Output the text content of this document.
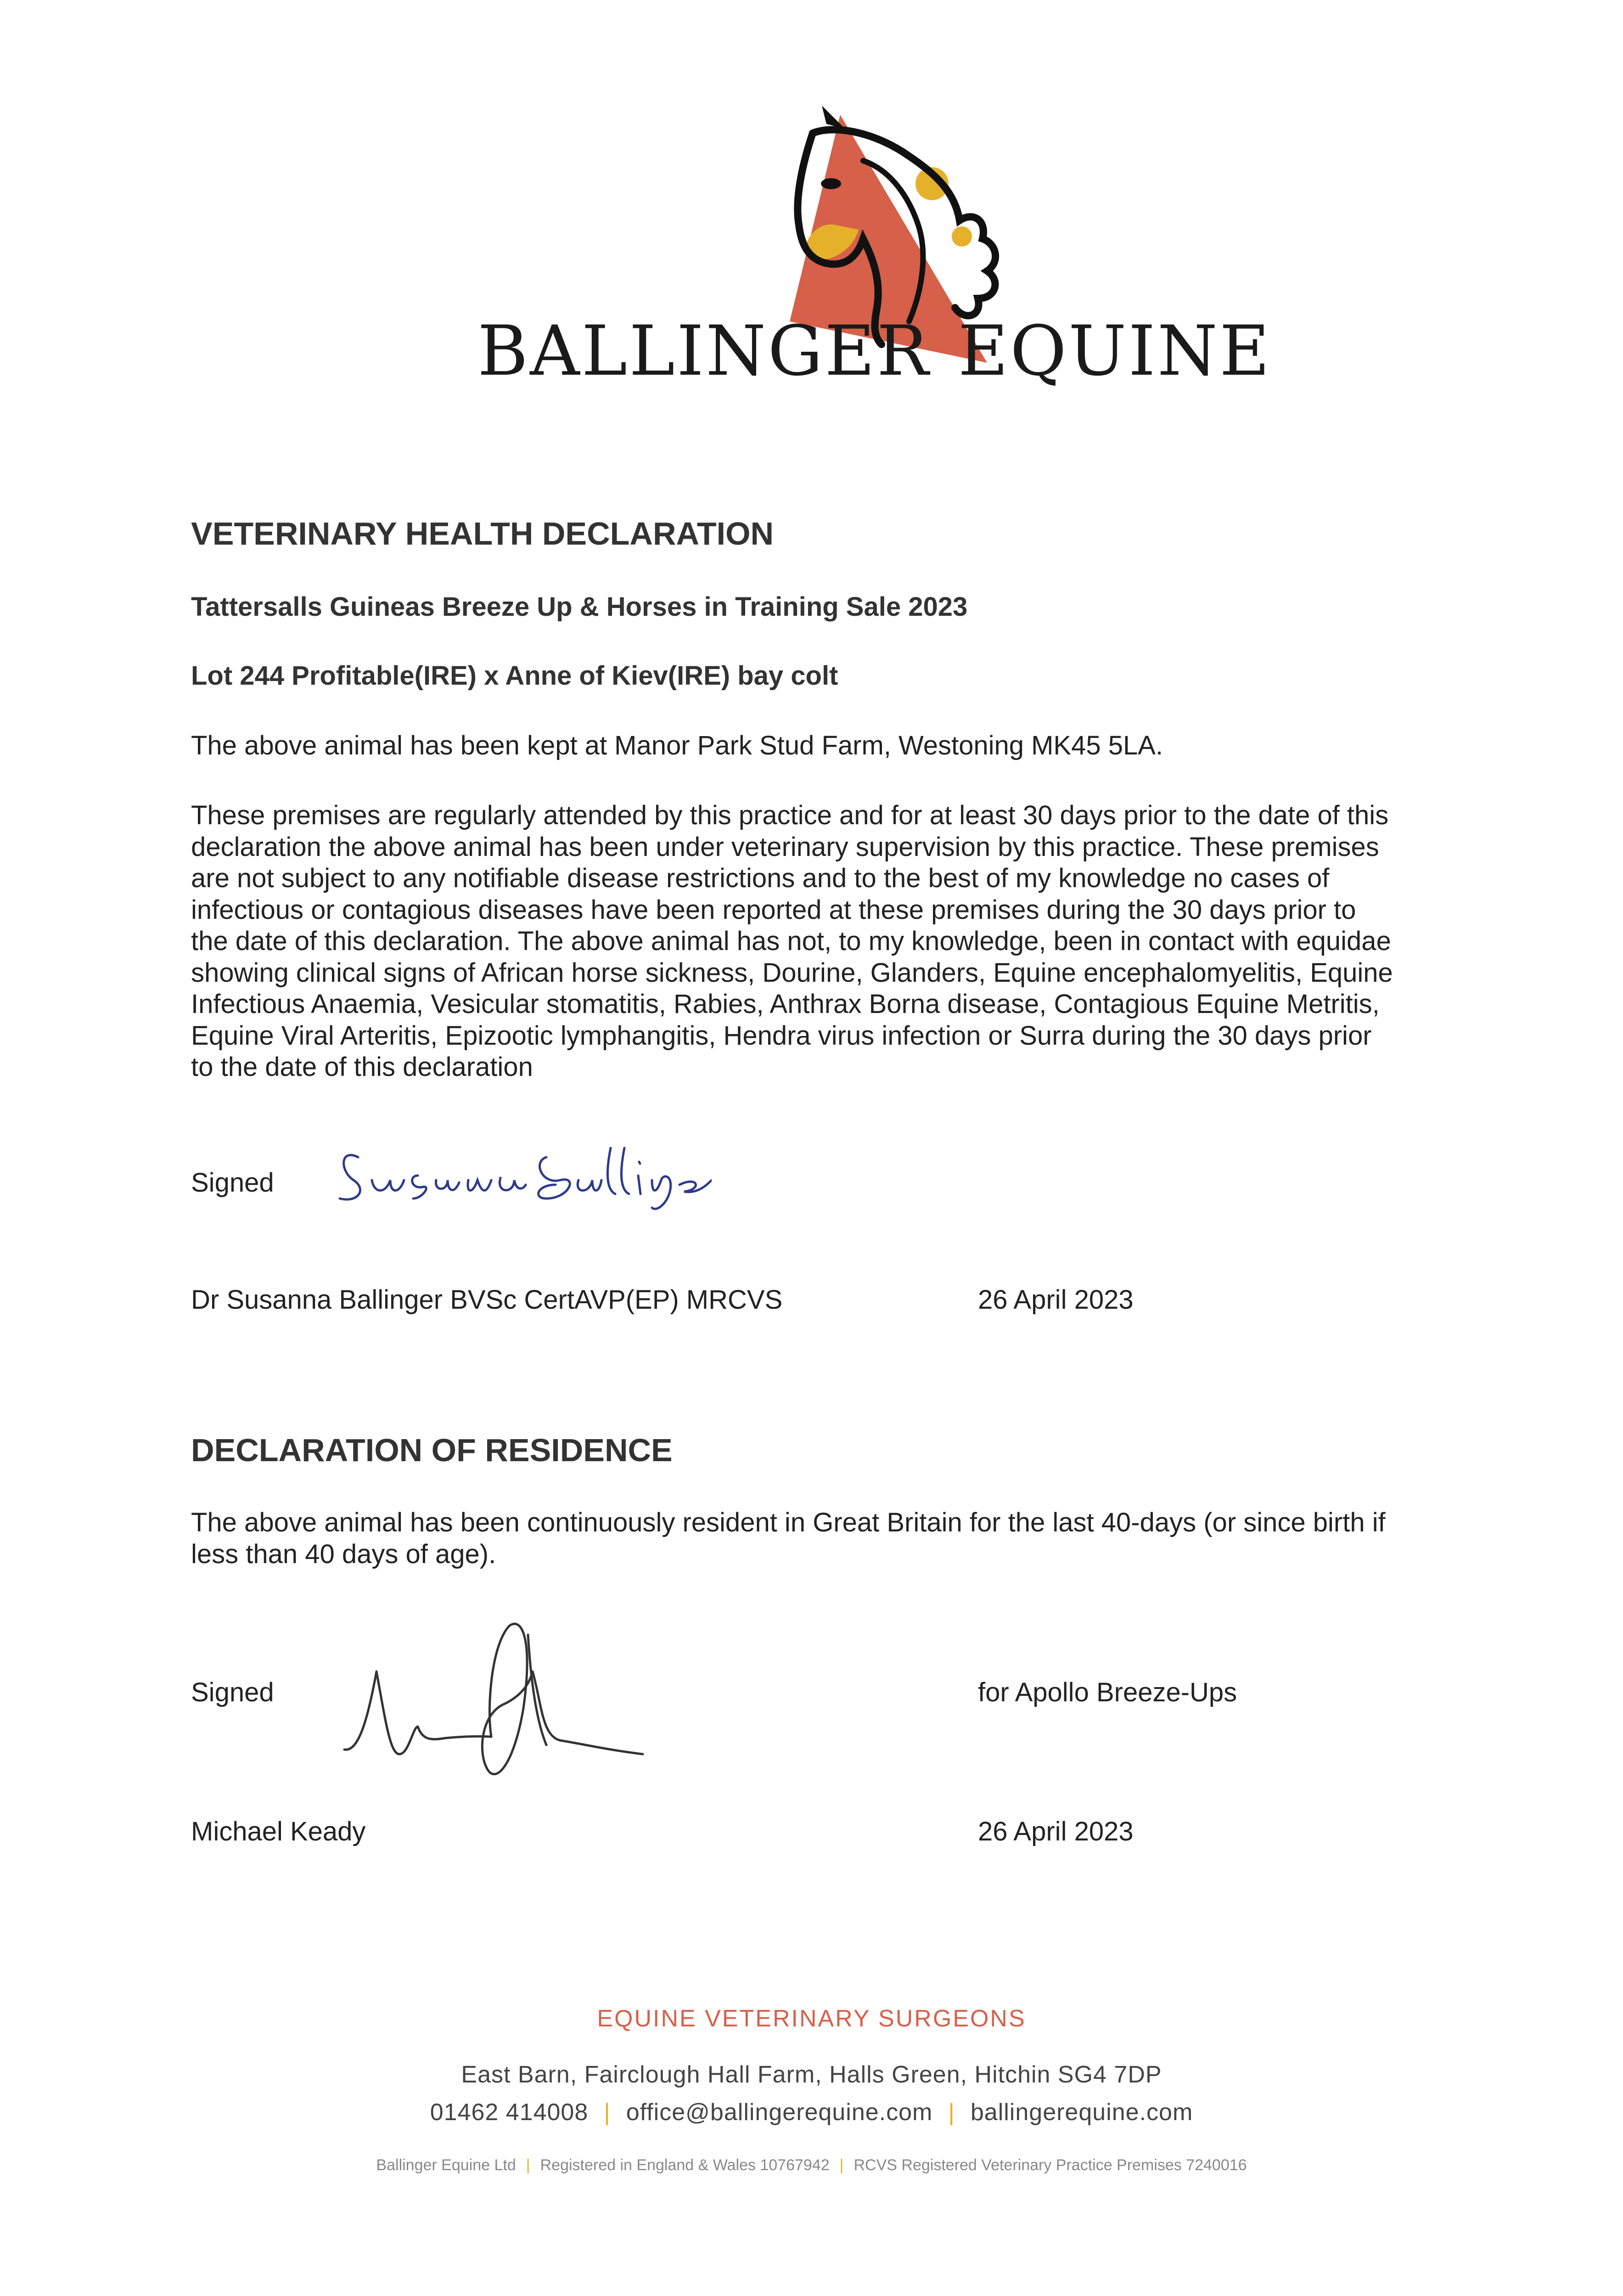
BALLINGER EQUINE
VETERINARY HEALTH DECLARATION
Tattersalls Guineas Breeze Up & Horses in Training Sale 2023
Lot 244 Profitable(IRE) x Anne of Kiev(IRE) bay colt
The above animal has been kept at Manor Park Stud Farm, Westoning MK45 5LA.
These premises are regularly attended by this practice and for at least 30 days prior to the date of this
declaration the above animal has been under veterinary supervision by this practice. These premises
are not subject to any notifiable disease restrictions and to the best of my knowledge no cases of
infectious or contagious diseases have been reported at these premises during the 30 days prior to
the date of this declaration. The above animal has not, to my knowledge, been in contact with equidae
showing clinical signs of African horse sickness, Dourine, Glanders, Equine encephalomyelitis, Equine
Infectious Anaemia, Vesicular stomatitis, Rabies, Anthrax Borna disease, Contagious Equine Metritis,
Equine Viral Arteritis, Epizootic lymphangitis, Hendra virus infection or Surra during the 30 days prior
to the date of this declaration
Signed
Dr Susanna Ballinger BVSc CertAVP(EP) MRCVS	26 April 2023
DECLARATION OF RESIDENCE
The above animal has been continuously resident in Great Britain for the last 40-days (or since birth if
less than 40 days of age).
Signed	for Apollo Breeze-Ups
Michael Keady	26 April 2023
EQUINE VETERINARY SURGEONS
East Barn, Fairclough Hall Farm, Halls Green, Hitchin SG4 7DP
01462 414008 | office@ballingerequine.com | ballingerequine.com
Ballinger Equine Ltd | Registered in England & Wales 10767942 | RCVS Registered Veterinary Practice Premises 7240016
